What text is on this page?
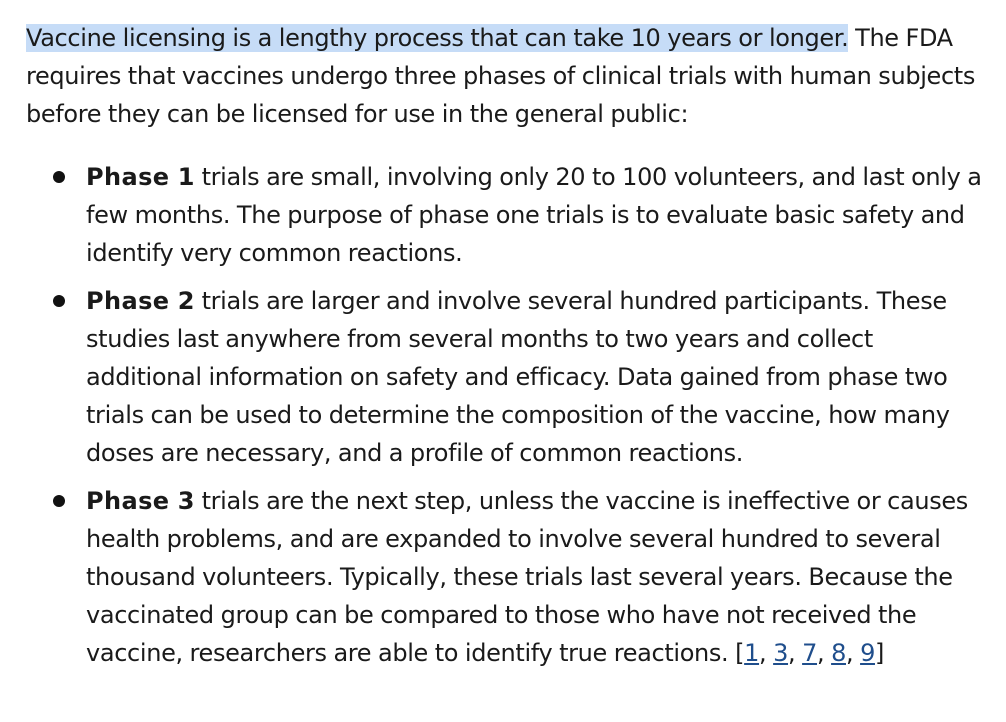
Vaccine licensing is a lengthy process that can take 10 years or longer. The FDA requires that vaccines undergo three phases of clinical trials with human subjects before they can be licensed for use in the general public:

Phase 1 trials are small, involving only 20 to 100 volunteers, and last only a few months. The purpose of phase one trials is to evaluate basic safety and identify very common reactions.
Phase 2 trials are larger and involve several hundred participants. These studies last anywhere from several months to two years and collect additional information on safety and efficacy. Data gained from phase two trials can be used to determine the composition of the vaccine, how many doses are necessary, and a profile of common reactions.
Phase 3 trials are the next step, unless the vaccine is ineffective or causes health problems, and are expanded to involve several hundred to several thousand volunteers. Typically, these trials last several years. Because the vaccinated group can be compared to those who have not received the vaccine, researchers are able to identify true reactions. [1, 3, 7, 8, 9]
